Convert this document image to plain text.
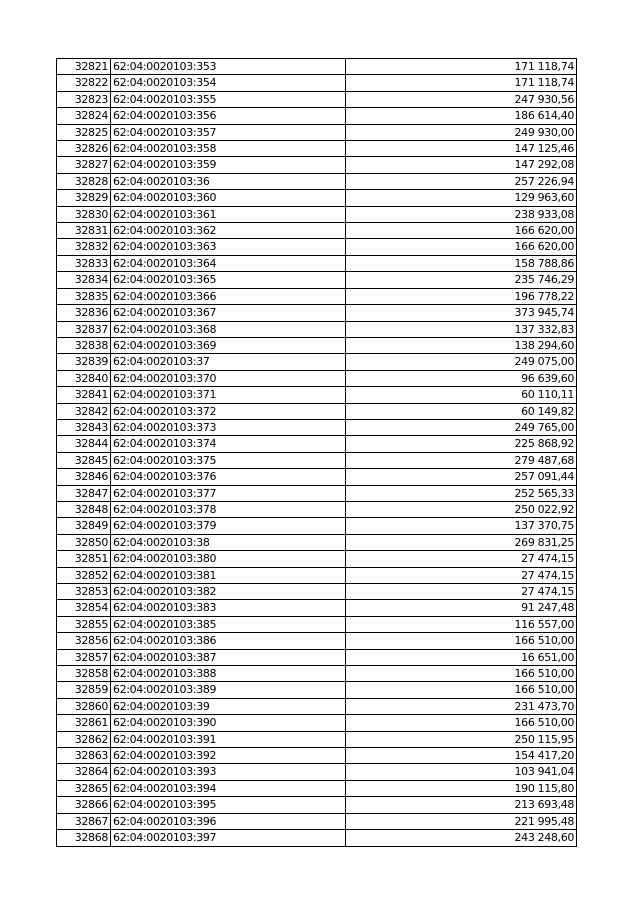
32821	62:04:0020103:353	171 118,74
32822	62:04:0020103:354	171 118,74
32823	62:04:0020103:355	247 930,56
32824	62:04:0020103:356	186 614,40
32825	62:04:0020103:357	249 930,00
32826	62:04:0020103:358	147 125,46
32827	62:04:0020103:359	147 292,08
32828	62:04:0020103:36	257 226,94
32829	62:04:0020103:360	129 963,60
32830	62:04:0020103:361	238 933,08
32831	62:04:0020103:362	166 620,00
32832	62:04:0020103:363	166 620,00
32833	62:04:0020103:364	158 788,86
32834	62:04:0020103:365	235 746,29
32835	62:04:0020103:366	196 778,22
32836	62:04:0020103:367	373 945,74
32837	62:04:0020103:368	137 332,83
32838	62:04:0020103:369	138 294,60
32839	62:04:0020103:37	249 075,00
32840	62:04:0020103:370	96 639,60
32841	62:04:0020103:371	60 110,11
32842	62:04:0020103:372	60 149,82
32843	62:04:0020103:373	249 765,00
32844	62:04:0020103:374	225 868,92
32845	62:04:0020103:375	279 487,68
32846	62:04:0020103:376	257 091,44
32847	62:04:0020103:377	252 565,33
32848	62:04:0020103:378	250 022,92
32849	62:04:0020103:379	137 370,75
32850	62:04:0020103:38	269 831,25
32851	62:04:0020103:380	27 474,15
32852	62:04:0020103:381	27 474,15
32853	62:04:0020103:382	27 474,15
32854	62:04:0020103:383	91 247,48
32855	62:04:0020103:385	116 557,00
32856	62:04:0020103:386	166 510,00
32857	62:04:0020103:387	16 651,00
32858	62:04:0020103:388	166 510,00
32859	62:04:0020103:389	166 510,00
32860	62:04:0020103:39	231 473,70
32861	62:04:0020103:390	166 510,00
32862	62:04:0020103:391	250 115,95
32863	62:04:0020103:392	154 417,20
32864	62:04:0020103:393	103 941,04
32865	62:04:0020103:394	190 115,80
32866	62:04:0020103:395	213 693,48
32867	62:04:0020103:396	221 995,48
32868	62:04:0020103:397	243 248,60
